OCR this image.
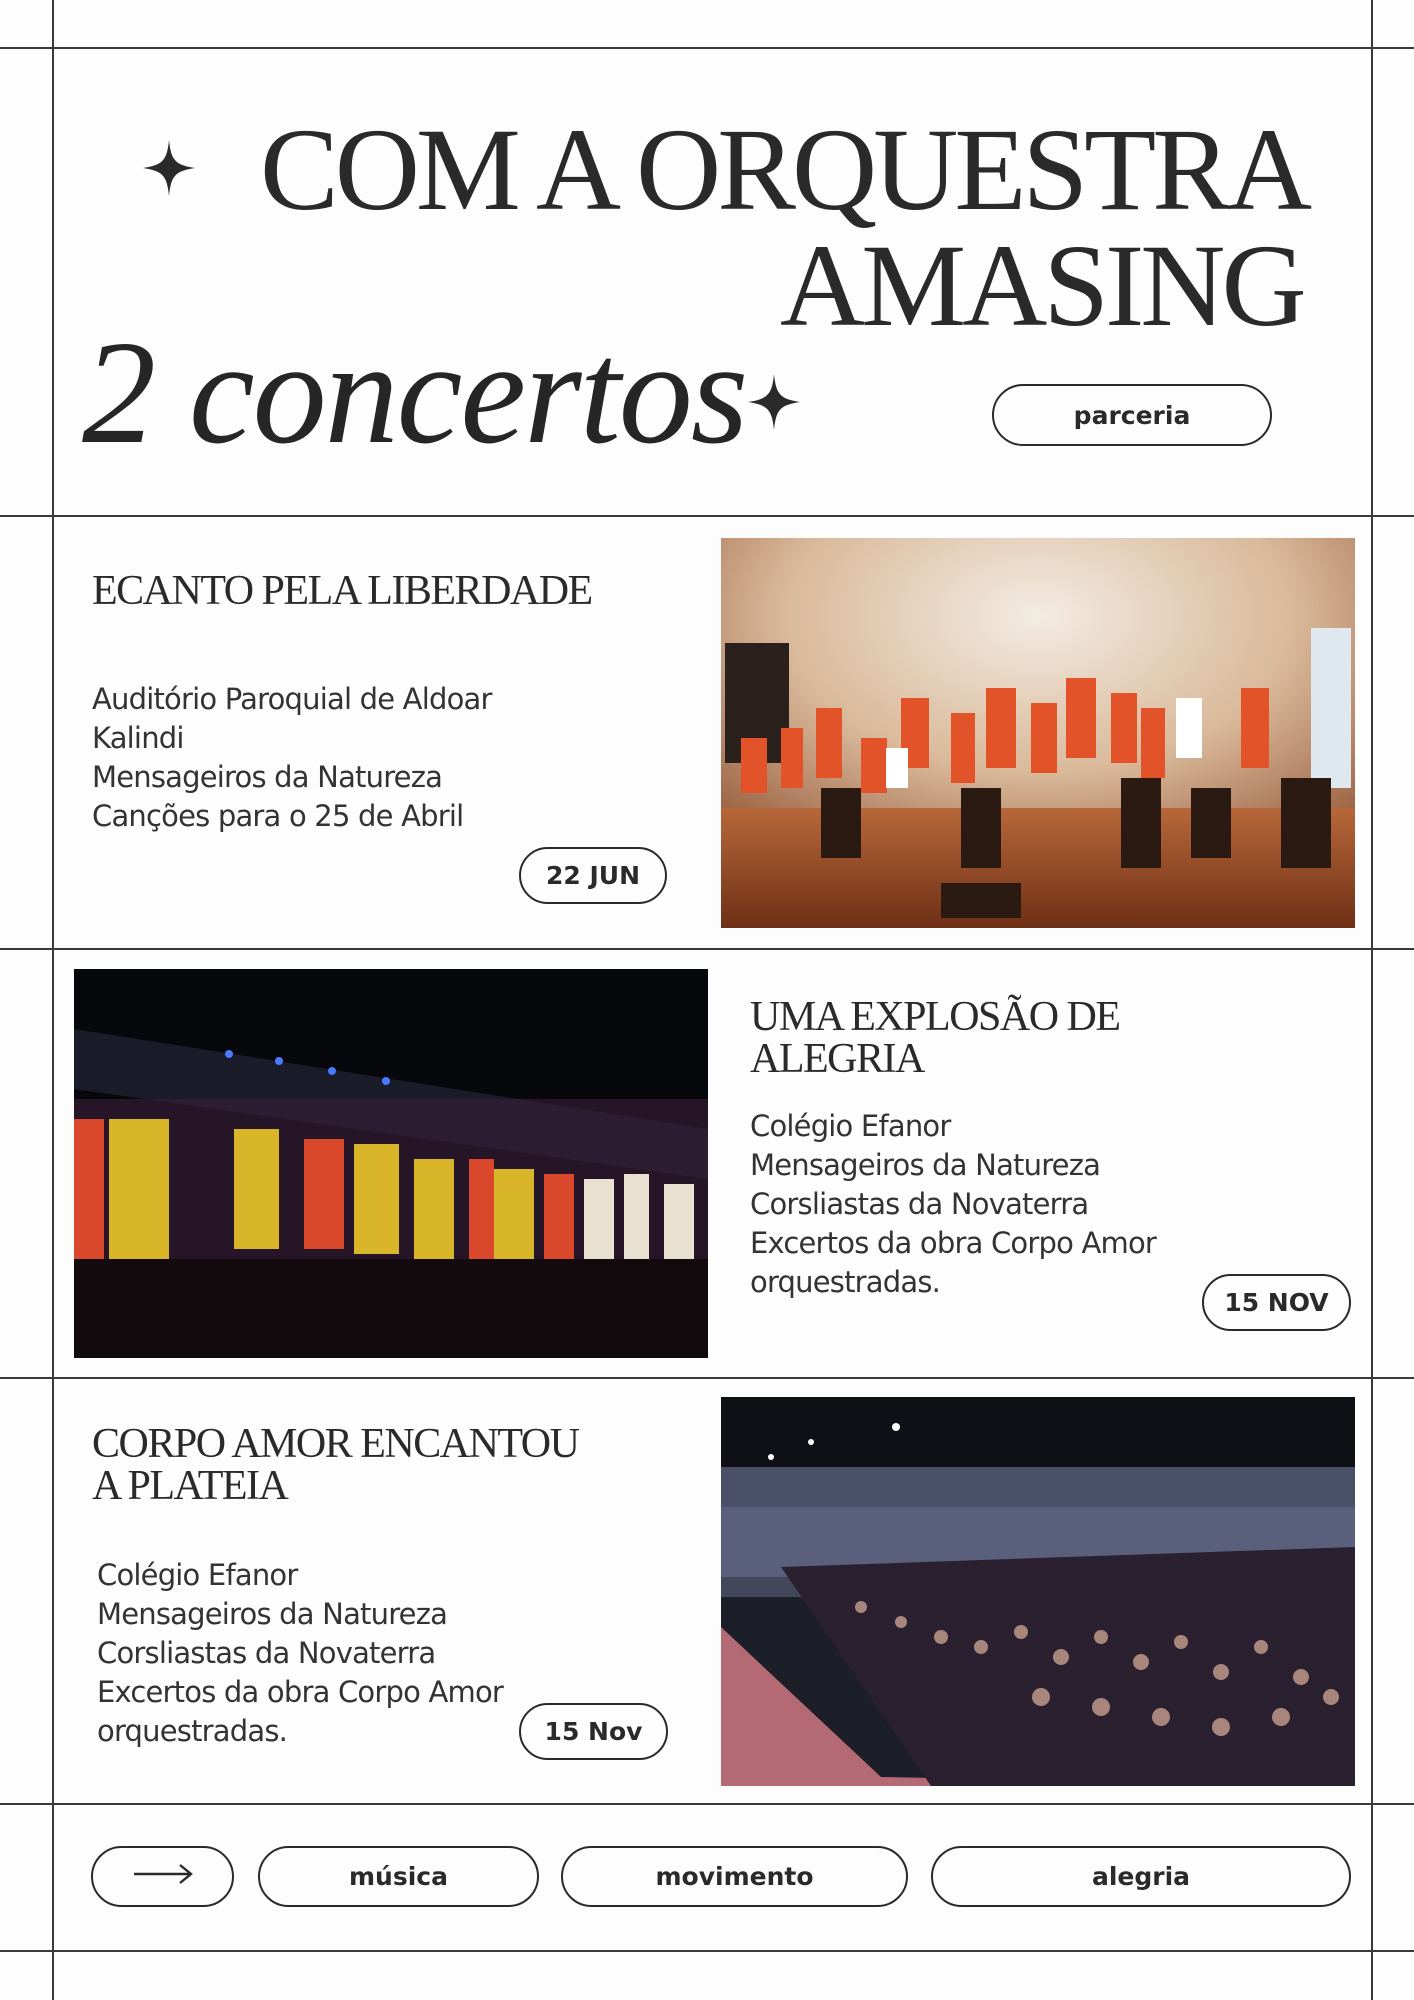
COM A ORQUESTRA
AMASING
2 concertos	parceria
ECANTO PELA LIBERDADE
Auditório Paroquial de Aldoar
Kalindi
Mensageiros da Natureza
Canções para o 25 de Abril
22 JUN
UMA EXPLOSÃO DE
ALEGRIA
Colégio Efanor
Mensageiros da Natureza
Corsliastas da Novaterra
Excertos da obra Corpo Amor
orquestradas.
15 NOV
CORPO AMOR ENCANTOU
A PLATEIA
Colégio Efanor
Mensageiros da Natureza
Corsliastas da Novaterra
Excertos da obra Corpo Amor
orquestradas.	15 Nov
música	movimento	alegria
